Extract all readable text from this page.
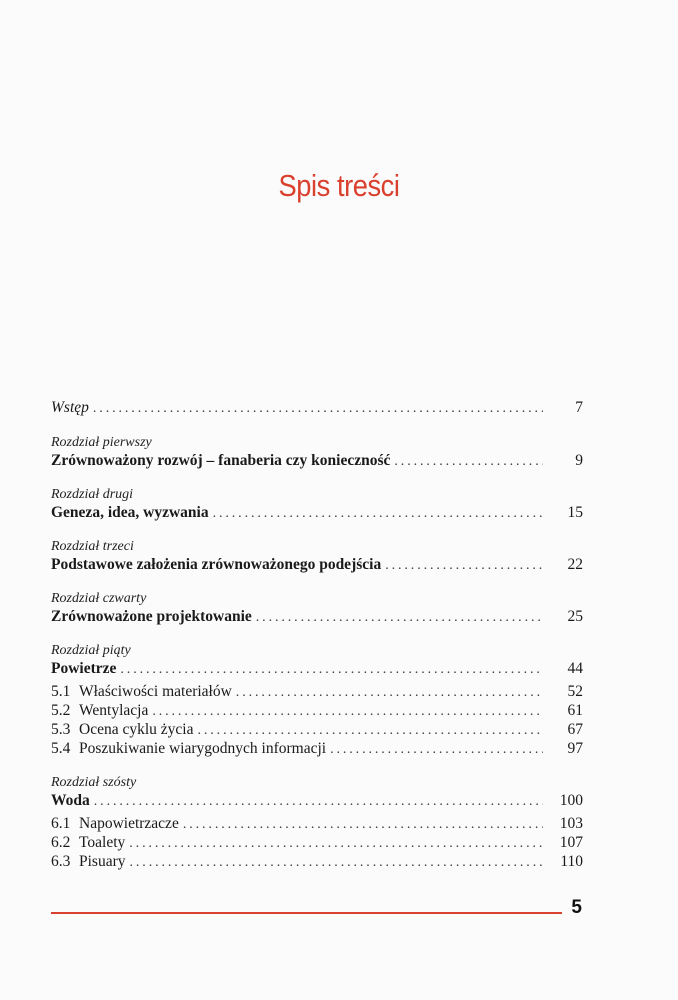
Spis treści
Wstęp . . .	7
Rozdział pierwszy
Zrównoważony rozwój – fanaberia czy konieczność . . .	9
Rozdział drugi
Geneza, idea, wyzwania . . .	15
Rozdział trzeci
Podstawowe założenia zrównoważonego podejścia . . .	22
Rozdział czwarty
Zrównoważone projektowanie . . .	25
Rozdział piąty
Powietrze . . .	44
5.1 Właściwości materiałów . . .	52
5.2 Wentylacja . . .	61
5.3 Ocena cyklu życia . . .	67
5.4 Poszukiwanie wiarygodnych informacji . . .	97
Rozdział szósty
Woda . . .	100
6.1 Napowietrzacze . . .	103
6.2 Toalety . . .	107
6.3 Pisuary . . .	110
5
